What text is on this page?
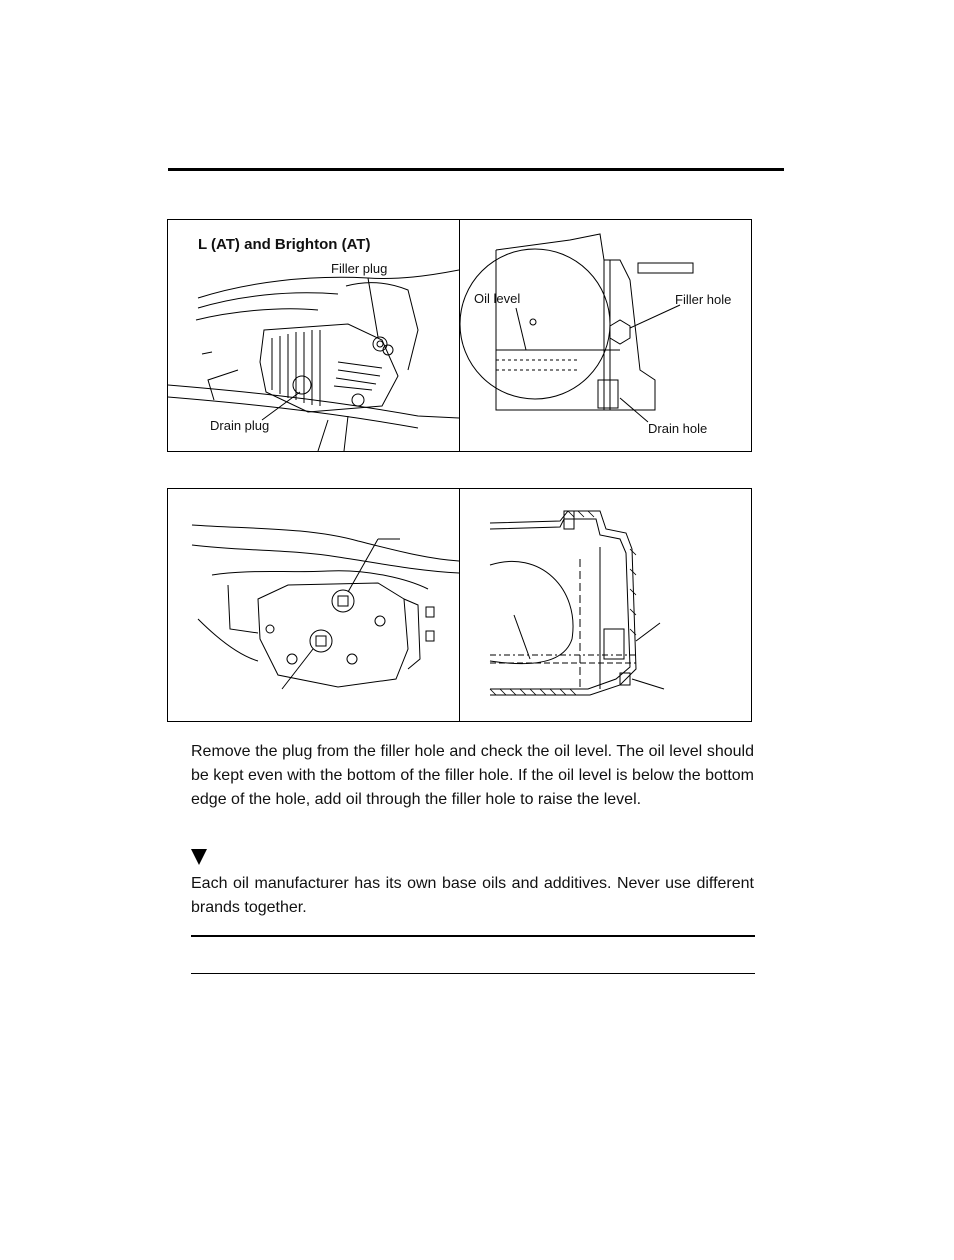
L (AT) and Brighton (AT)
Filler plug
Drain plug
Oil level	Filler hole
Drain hole

Remove the plug from the filler hole and check the oil level. The oil level should be kept even with the bottom of the filler hole. If the oil level is below the bottom edge of the hole, add oil through the filler hole to raise the level.

Each oil manufacturer has its own base oils and additives. Never use different brands together.
